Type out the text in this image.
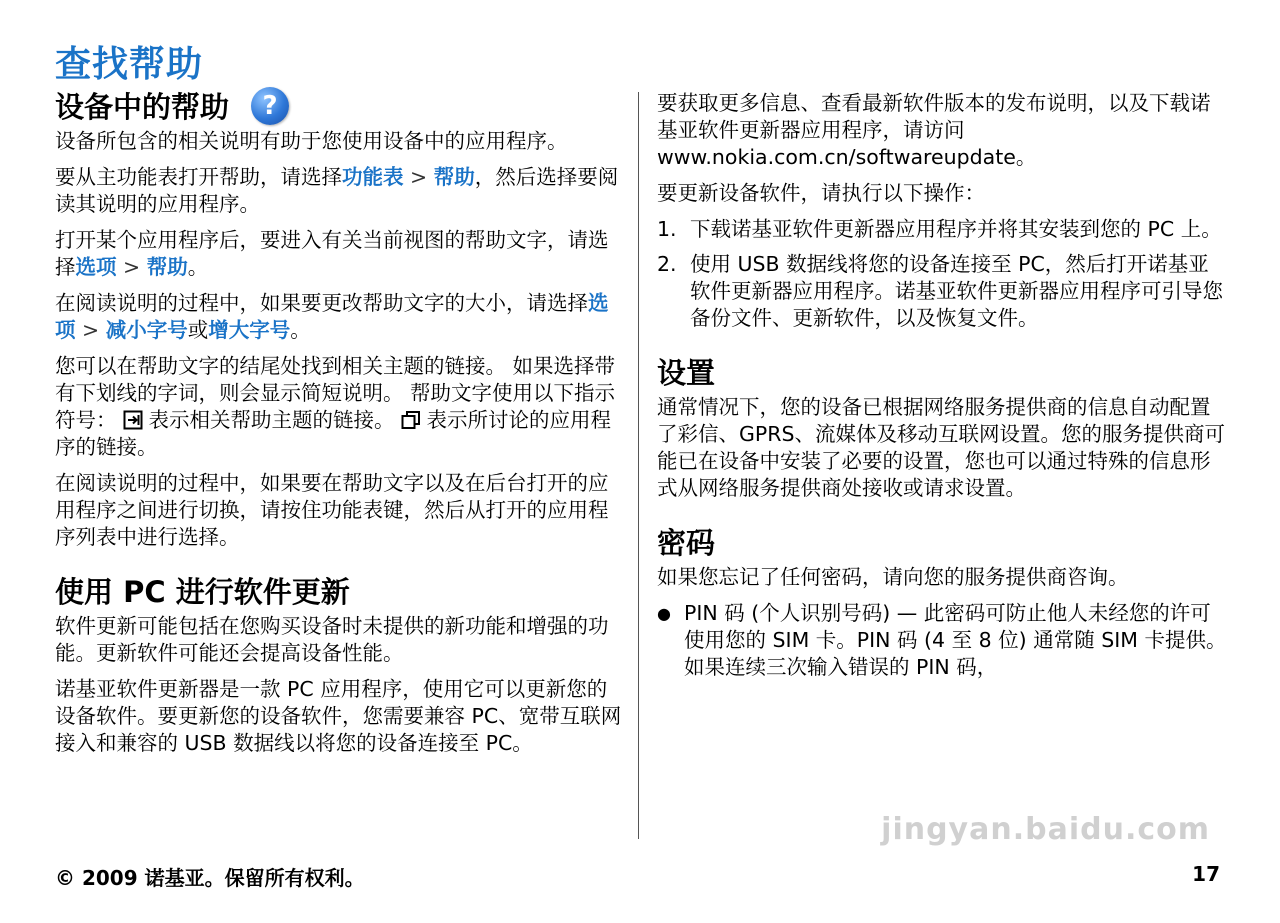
查找帮助
设备中的帮助 ?

设备所包含的相关说明有助于您使用设备中的应用程序。

要从主功能表打开帮助，请选择功能表 > 帮助，然后选择要阅读其说明的应用程序。

打开某个应用程序后，要进入有关当前视图的帮助文字，请选择选项 > 帮助。

在阅读说明的过程中，如果要更改帮助文字的大小，请选择选项 > 减小字号或增大字号。

您可以在帮助文字的结尾处找到相关主题的链接。 如果选择带有下划线的字词，则会显示简短说明。 帮助文字使用以下指示符号： 表示相关帮助主题的链接。 表示所讨论的应用程序的链接。

在阅读说明的过程中，如果要在帮助文字以及在后台打开的应用程序之间进行切换，请按住功能表键，然后从打开的应用程序列表中进行选择。

使用 PC 进行软件更新

软件更新可能包括在您购买设备时未提供的新功能和增强的功能。更新软件可能还会提高设备性能。

诺基亚软件更新器是一款 PC 应用程序，使用它可以更新您的设备软件。要更新您的设备软件，您需要兼容 PC、宽带互联网接入和兼容的 USB 数据线以将您的设备连接至 PC。

要获取更多信息、查看最新软件版本的发布说明，以及下载诺基亚软件更新器应用程序，请访问 www.nokia.com.cn/softwareupdate。

要更新设备软件，请执行以下操作：

1. 下载诺基亚软件更新器应用程序并将其安装到您的 PC 上。
2. 使用 USB 数据线将您的设备连接至 PC，然后打开诺基亚软件更新器应用程序。诺基亚软件更新器应用程序可引导您备份文件、更新软件，以及恢复文件。
设置

通常情况下，您的设备已根据网络服务提供商的信息自动配置了彩信、GPRS、流媒体及移动互联网设置。您的服务提供商可能已在设备中安装了必要的设置，您也可以通过特殊的信息形式从网络服务提供商处接收或请求设置。

密码

如果您忘记了任何密码，请向您的服务提供商咨询。

● PIN 码 (个人识别号码) — 此密码可防止他人未经您的许可使用您的 SIM 卡。PIN 码 (4 至 8 位) 通常随 SIM 卡提供。如果连续三次输入错误的 PIN 码，
jingyan.baidu.com
© 2009 诺基亚。保留所有权利。	17
